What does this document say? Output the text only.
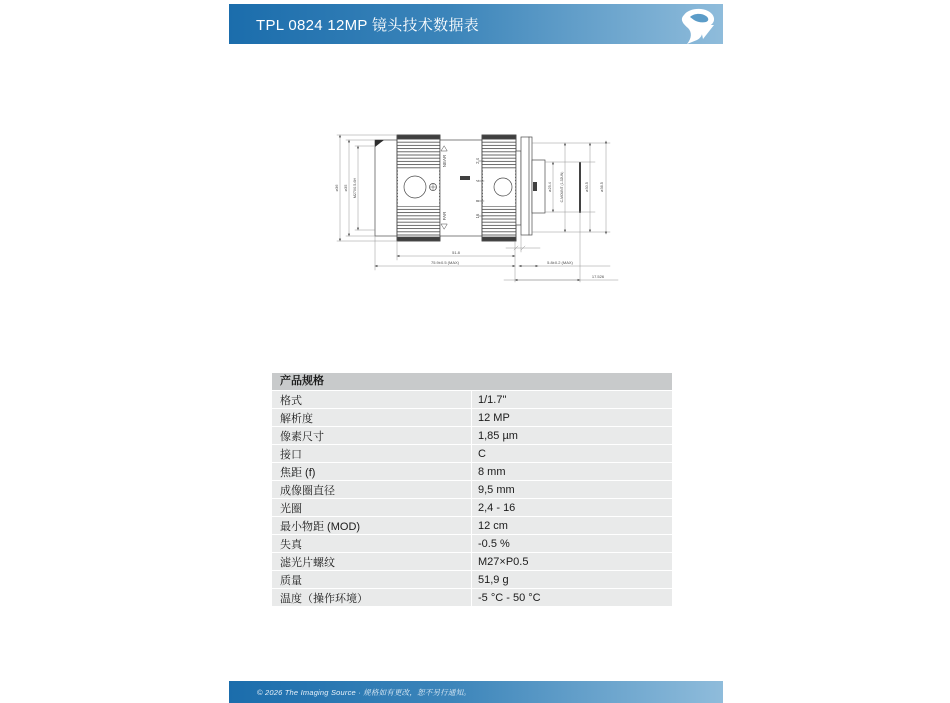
TPL 0824 12MP 镜头技术数据表
NEAR
FAR
2.4
4
8
16
ø36 ø35 M27X0.5-6H	ø25.4 C-MOUNT (1-32UN)	ø30.5	ø36.5
51.8
75.9±0.5 (MAX)	5.8±0.2 (MAX)
17.526
产品规格
格式	1/1.7"
解析度	12 MP
像素尺寸	1,85 µm
接口	C
焦距 (f)	8 mm
成像圈直径	9,5 mm
光圈	2,4 - 16
最小物距 (MOD)	12 cm
失真	-0.5 %
滤光片螺纹	M27×P0.5
质量	51,9 g
温度（操作环境）	-5 °C - 50 °C
© 2026 The Imaging Source · 规格如有更改，恕不另行通知。
